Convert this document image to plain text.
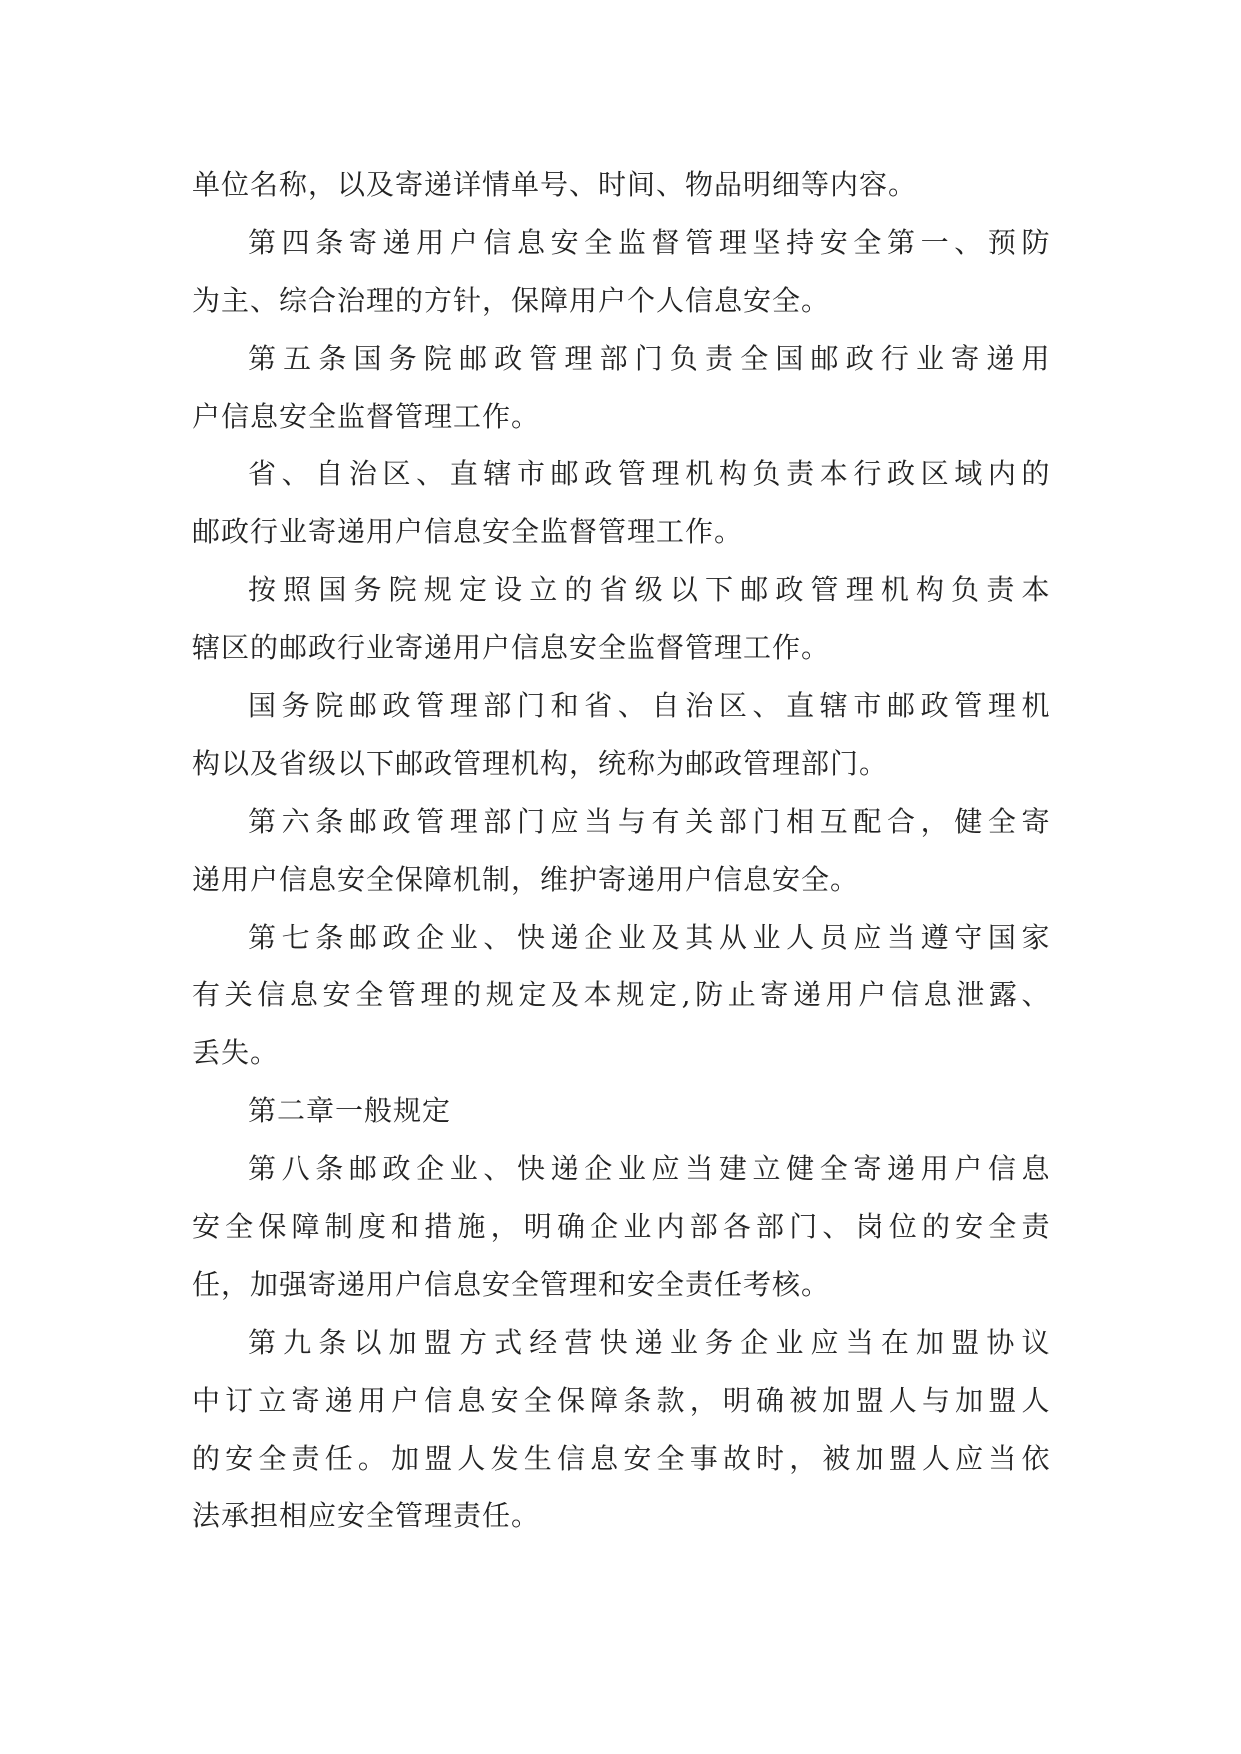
单位名称，以及寄递详情单号、时间、物品明细等内容。
第四条寄递用户信息安全监督管理坚持安全第一、预防
为主、综合治理的方针，保障用户个人信息安全。
第五条国务院邮政管理部门负责全国邮政行业寄递用
户信息安全监督管理工作。
省、自治区、直辖市邮政管理机构负责本行政区域内的
邮政行业寄递用户信息安全监督管理工作。
按照国务院规定设立的省级以下邮政管理机构负责本
辖区的邮政行业寄递用户信息安全监督管理工作。
国务院邮政管理部门和省、自治区、直辖市邮政管理机
构以及省级以下邮政管理机构，统称为邮政管理部门。
第六条邮政管理部门应当与有关部门相互配合，健全寄
递用户信息安全保障机制，维护寄递用户信息安全。
第七条邮政企业、快递企业及其从业人员应当遵守国家
有关信息安全管理的规定及本规定,防止寄递用户信息泄露、
丢失。
第二章一般规定
第八条邮政企业、快递企业应当建立健全寄递用户信息
安全保障制度和措施，明确企业内部各部门、岗位的安全责
任，加强寄递用户信息安全管理和安全责任考核。
第九条以加盟方式经营快递业务企业应当在加盟协议
中订立寄递用户信息安全保障条款，明确被加盟人与加盟人
的安全责任。加盟人发生信息安全事故时，被加盟人应当依
法承担相应安全管理责任。
